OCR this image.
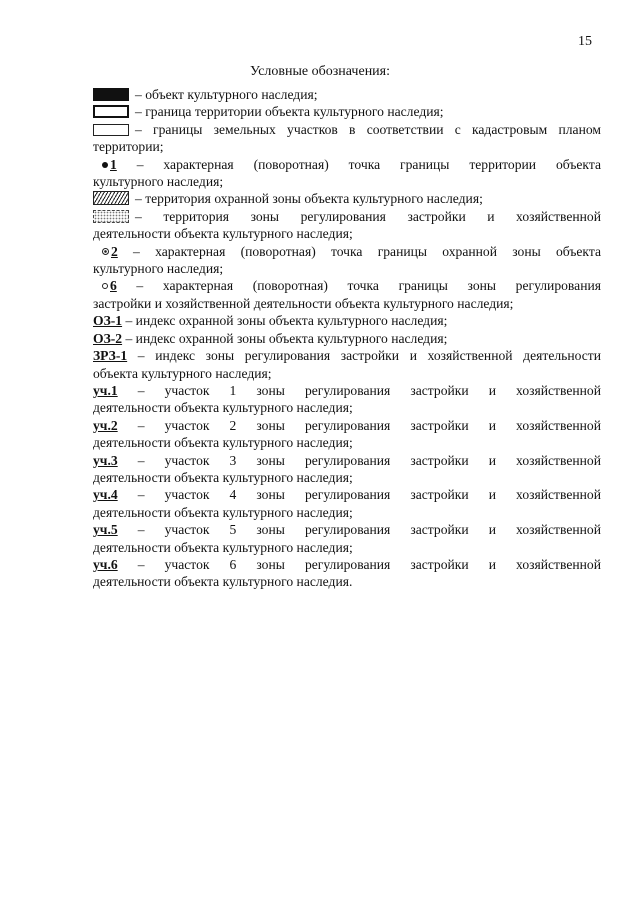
15
Условные обозначения:
– объект культурного наследия;
– граница территории объекта культурного наследия;
– границы земельных участков в соответствии с кадастровым планом
территории;
1 – характерная (поворотная) точка границы территории объекта
культурного наследия;
– территория охранной зоны объекта культурного наследия;
– территория зоны регулирования застройки и хозяйственной
деятельности объекта культурного наследия;
2 – характерная (поворотная) точка границы охранной зоны объекта
культурного наследия;
6 – характерная (поворотная) точка границы зоны регулирования
застройки и хозяйственной деятельности объекта культурного наследия;
ОЗ-1 – индекс охранной зоны объекта культурного наследия;
ОЗ-2 – индекс охранной зоны объекта культурного наследия;
ЗРЗ-1 – индекс зоны регулирования застройки и хозяйственной деятельности
объекта культурного наследия;
уч.1 – участок 1 зоны регулирования застройки и хозяйственной
деятельности объекта культурного наследия;
уч.2 – участок 2 зоны регулирования застройки и хозяйственной
деятельности объекта культурного наследия;
уч.3 – участок 3 зоны регулирования застройки и хозяйственной
деятельности объекта культурного наследия;
уч.4 – участок 4 зоны регулирования застройки и хозяйственной
деятельности объекта культурного наследия;
уч.5 – участок 5 зоны регулирования застройки и хозяйственной
деятельности объекта культурного наследия;
уч.6 – участок 6 зоны регулирования застройки и хозяйственной
деятельности объекта культурного наследия.
